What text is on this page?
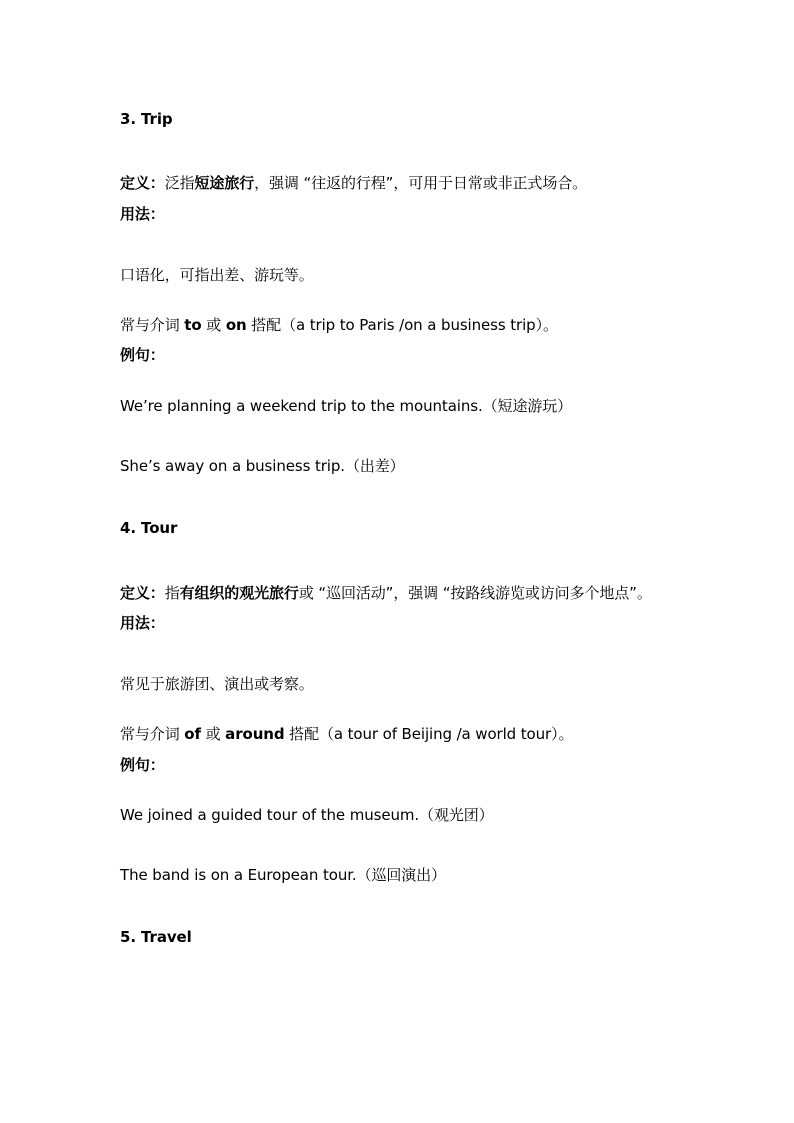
3. Trip
定义：泛指短途旅行，强调 “往返的行程”，可用于日常或非正式场合。
用法：
口语化，可指出差、游玩等。
常与介词 to 或 on 搭配（a trip to Paris /on a business trip）。
例句：
We’re planning a weekend trip to the mountains.（短途游玩）
She’s away on a business trip.（出差）
4. Tour
定义：指有组织的观光旅行或 “巡回活动”，强调 “按路线游览或访问多个地点”。
用法：
常见于旅游团、演出或考察。
常与介词 of 或 around 搭配（a tour of Beijing /a world tour）。
例句：
We joined a guided tour of the museum.（观光团）
The band is on a European tour.（巡回演出）
5. Travel
